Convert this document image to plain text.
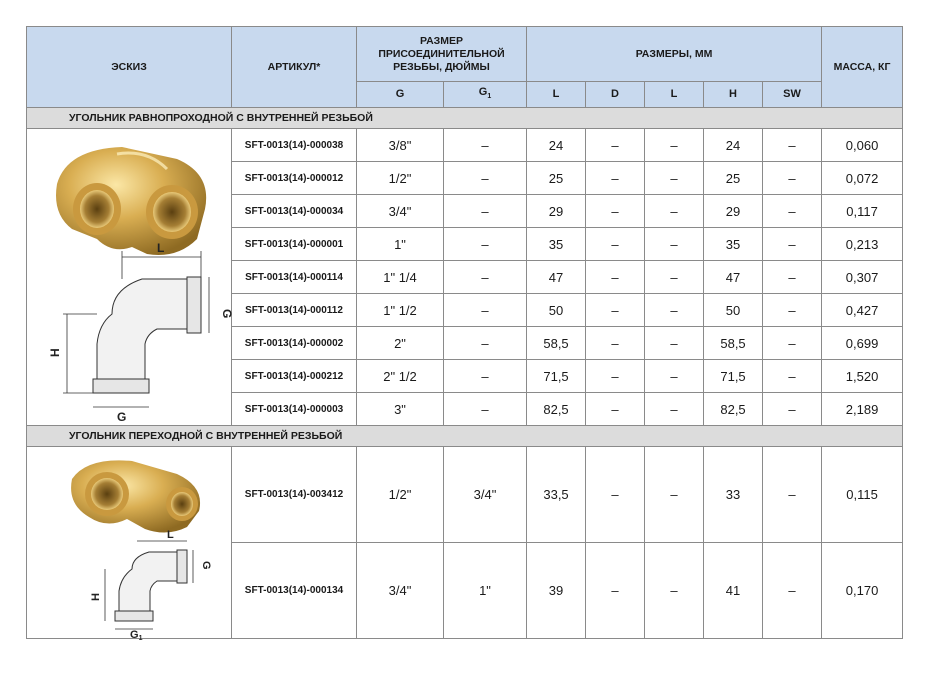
ЭСКИЗ	АРТИКУЛ*	РАЗМЕР ПРИСОЕДИНИТЕЛЬНОЙ РЕЗЬБЫ, ДЮЙМЫ		РАЗМЕРЫ, ММ					МАССА, КГ
		G	$G_1$	L	D	L	H	SW	
УГОЛЬНИК РАВНОПРОХОДНОЙ С ВНУТРЕННЕЙ РЕЗЬБОЙ									

L
G
H
G	SFT-0013(14)-000038	3/8"	–	24	–	–	24	–	0,060
	SFT-0013(14)-000012	1/2"	–	25	–	–	25	–	0,072
	SFT-0013(14)-000034	3/4"	–	29	–	–	29	–	0,117
	SFT-0013(14)-000001	1"	–	35	–	–	35	–	0,213
	SFT-0013(14)-000114	1" 1/4	–	47	–	–	47	–	0,307
	SFT-0013(14)-000112	1" 1/2	–	50	–	–	50	–	0,427
	SFT-0013(14)-000002	2"	–	58,5	–	–	58,5	–	0,699
	SFT-0013(14)-000212	2" 1/2	–	71,5	–	–	71,5	–	1,520
	SFT-0013(14)-000003	3"	–	82,5	–	–	82,5	–	2,189
УГОЛЬНИК ПЕРЕХОДНОЙ С ВНУТРЕННЕЙ РЕЗЬБОЙ									

L
G
H
G1	SFT-0013(14)-003412	1/2"	3/4"	33,5	–	–	33	–	0,115
	SFT-0013(14)-000134	3/4"	1"	39	–	–	41	–	0,170
